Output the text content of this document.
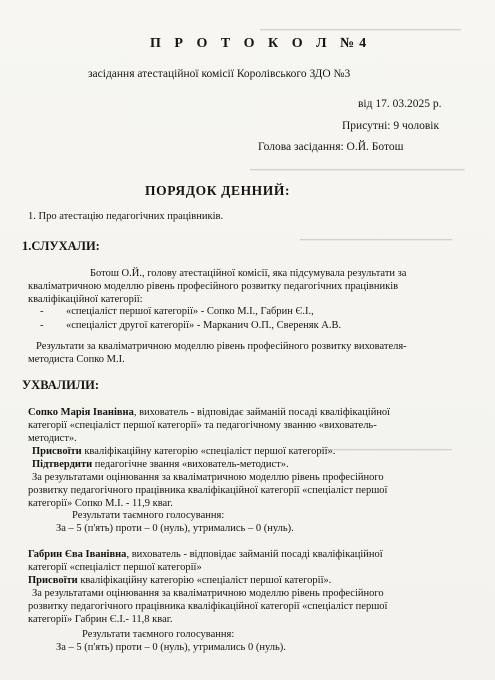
▁▁▁▁▁▁▁▁▁▁▁▁▁▁▁▁▁▁▁▁▁▁▁▁▁▁▁▁▁
▁▁▁▁▁▁▁▁▁▁▁▁▁▁▁▁▁▁▁▁▁▁▁▁▁▁▁▁▁▁▁
▁▁▁▁▁▁▁▁▁▁▁▁▁▁▁▁▁▁▁▁▁▁
▁▁▁▁▁▁▁▁▁▁▁▁▁▁▁▁▁▁▁
П Р О Т О К О Л №4
засідання атестаційної комісії Королівського ЗДО №3
від 17. 03.2025 р.
Присутні: 9 чоловік
Голова засідання: О.Й. Ботош
ПОРЯДОК ДЕННИЙ:
1. Про атестацію педагогічних працівників.
1.СЛУХАЛИ:
Ботош О.Й., голову атестаційної комісії, яка підсумувала результати за
кваліматричною моделлю рівень професійного розвитку педагогічних працівників
кваліфікаційної категорії:
- «спеціаліст першої категорії» - Сопко М.І., Габрин Є.І.,
- «спеціаліст другої категорії» - Марканич О.П., Свереняк А.В.
Результати за кваліматричною моделлю рівень професійного розвитку вихователя-
методиста Сопко М.І.
УХВАЛИЛИ:
Сопко Марія Іванівна, вихователь - відповідає займаній посаді кваліфікаційної
категорії «спеціаліст першої категорії» та педагогічному званню «вихователь-
методист».
Присвоїти кваліфікаційну категорію «спеціаліст першої категорії».
Підтвердити педагогічне звання «вихователь-методист».
За результатами оцінювання за кваліматричною моделлю рівень професійного
розвитку педагогічного працівника кваліфікаційної категорії «спеціаліст першої
категорії» Сопко М.І. - 11,9 кваг.
Результати таємного голосування:
За – 5 (п'ять) проти – 0 (нуль), утримались – 0 (нуль).
Габрин Єва Іванівна, вихователь - відповідає займаній посаді кваліфікаційної
категорії «спеціаліст першої категорії»
Присвоїти кваліфікаційну категорію «спеціаліст першої категорії».
За результатами оцінювання за кваліматричною моделлю рівень професійного
розвитку педагогічного працівника кваліфікаційної категорії «спеціаліст першої
категорії» Габрин Є.І.- 11,8 кваг.
Результати таємного голосування:
За – 5 (п'ять) проти – 0 (нуль), утримались 0 (нуль).
